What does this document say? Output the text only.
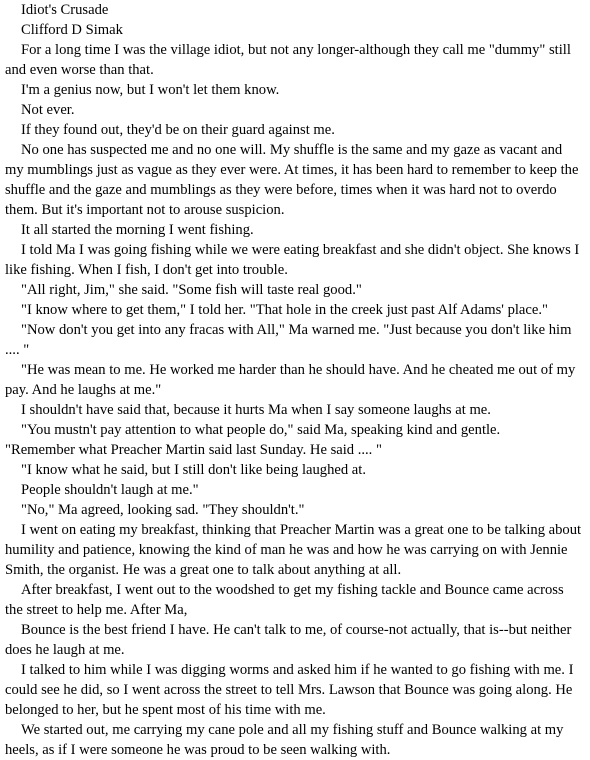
Idiot's Crusade

Clifford D Simak

For a long time I was the village idiot, but not any longer-although they call me "dummy" still and even worse than that.

I'm a genius now, but I won't let them know.

Not ever.

If they found out, they'd be on their guard against me.

No one has suspected me and no one will. My shuffle is the same and my gaze as vacant and my mumblings just as vague as they ever were. At times, it has been hard to remember to keep the shuffle and the gaze and mumblings as they were before, times when it was hard not to overdo them. But it's important not to arouse suspicion.

It all started the morning I went fishing.

I told Ma I was going fishing while we were eating breakfast and she didn't object. She knows I like fishing. When I fish, I don't get into trouble.

"All right, Jim," she said. "Some fish will taste real good."

"I know where to get them," I told her. "That hole in the creek just past Alf Adams' place."

"Now don't you get into any fracas with All," Ma warned me. "Just because you don't like him .... "

"He was mean to me. He worked me harder than he should have. And he cheated me out of my pay. And he laughs at me."

I shouldn't have said that, because it hurts Ma when I say someone laughs at me.

"You mustn't pay attention to what people do," said Ma, speaking kind and gentle.

"Remember what Preacher Martin said last Sunday. He said .... "

"I know what he said, but I still don't like being laughed at.

People shouldn't laugh at me."

"No," Ma agreed, looking sad. "They shouldn't."

I went on eating my breakfast, thinking that Preacher Martin was a great one to be talking about humility and patience, knowing the kind of man he was and how he was carrying on with Jennie Smith, the organist. He was a great one to talk about anything at all.

After breakfast, I went out to the woodshed to get my fishing tackle and Bounce came across the street to help me. After Ma,

Bounce is the best friend I have. He can't talk to me, of course-not actually, that is--but neither does he laugh at me.

I talked to him while I was digging worms and asked him if he wanted to go fishing with me. I could see he did, so I went across the street to tell Mrs. Lawson that Bounce was going along. He belonged to her, but he spent most of his time with me.

We started out, me carrying my cane pole and all my fishing stuff and Bounce walking at my heels, as if I were someone he was proud to be seen walking with.
